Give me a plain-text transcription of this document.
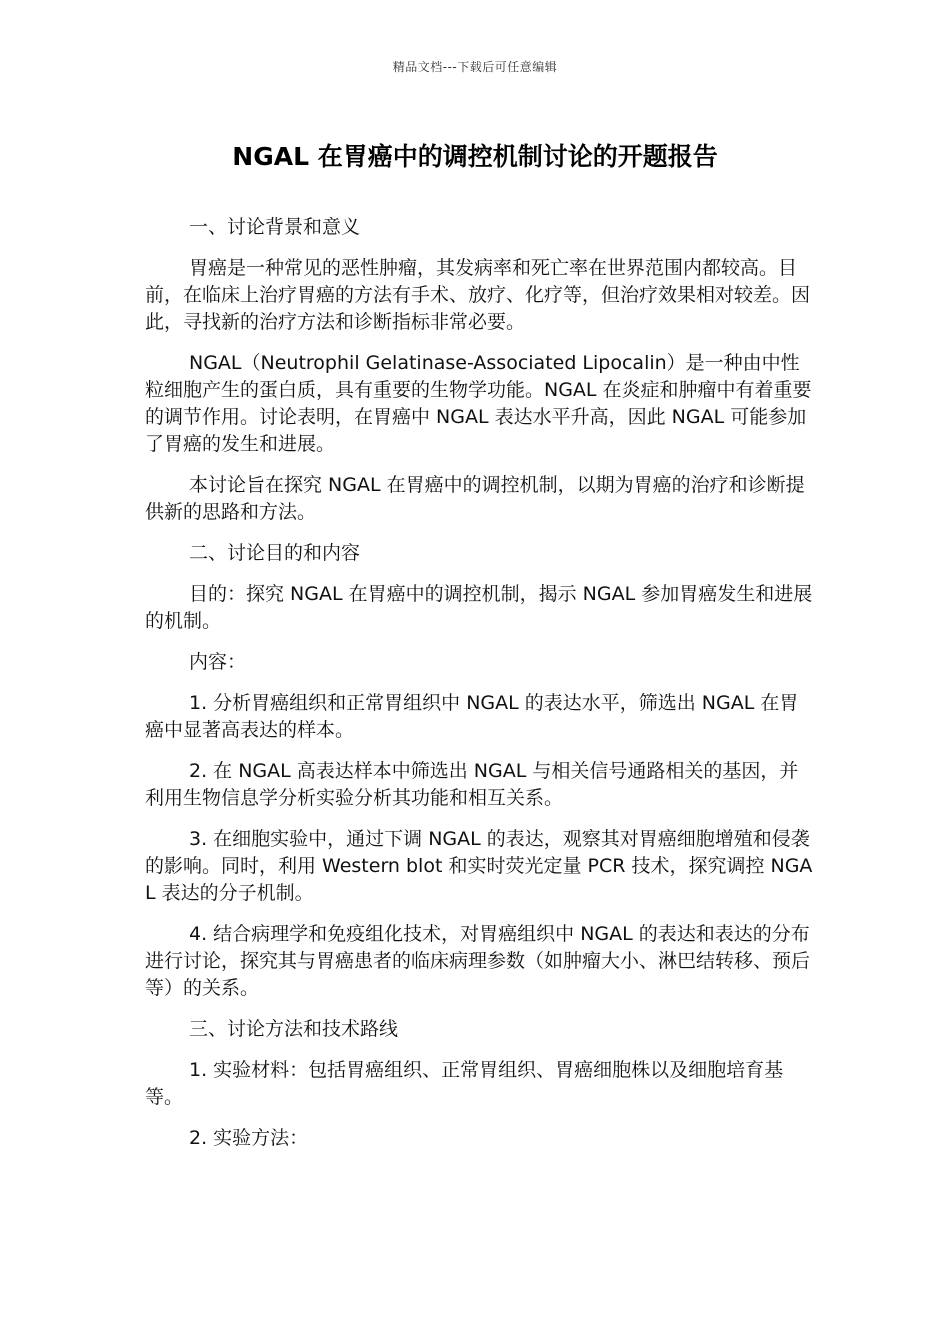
精品文档---下载后可任意编辑
NGAL 在胃癌中的调控机制讨论的开题报告

一、讨论背景和意义

胃癌是一种常见的恶性肿瘤，其发病率和死亡率在世界范围内都较高。目前，在临床上治疗胃癌的方法有手术、放疗、化疗等，但治疗效果相对较差。因此，寻找新的治疗方法和诊断指标非常必要。

NGAL（Neutrophil Gelatinase-Associated Lipocalin）是一种由中性粒细胞产生的蛋白质，具有重要的生物学功能。NGAL 在炎症和肿瘤中有着重要的调节作用。讨论表明，在胃癌中 NGAL 表达水平升高，因此 NGAL 可能参加了胃癌的发生和进展。

本讨论旨在探究 NGAL 在胃癌中的调控机制，以期为胃癌的治疗和诊断提供新的思路和方法。

二、讨论目的和内容

目的：探究 NGAL 在胃癌中的调控机制，揭示 NGAL 参加胃癌发生和进展的机制。

内容：

1. 分析胃癌组织和正常胃组织中 NGAL 的表达水平，筛选出 NGAL 在胃癌中显著高表达的样本。

2. 在 NGAL 高表达样本中筛选出 NGAL 与相关信号通路相关的基因，并利用生物信息学分析实验分析其功能和相互关系。

3. 在细胞实验中，通过下调 NGAL 的表达，观察其对胃癌细胞增殖和侵袭的影响。同时，利用 Western blot 和实时荧光定量 PCR 技术，探究调控 NGAL 表达的分子机制。

4. 结合病理学和免疫组化技术，对胃癌组织中 NGAL 的表达和表达的分布进行讨论，探究其与胃癌患者的临床病理参数（如肿瘤大小、淋巴结转移、预后等）的关系。

三、讨论方法和技术路线

1. 实验材料：包括胃癌组织、正常胃组织、胃癌细胞株以及细胞培育基等。

2. 实验方法：
